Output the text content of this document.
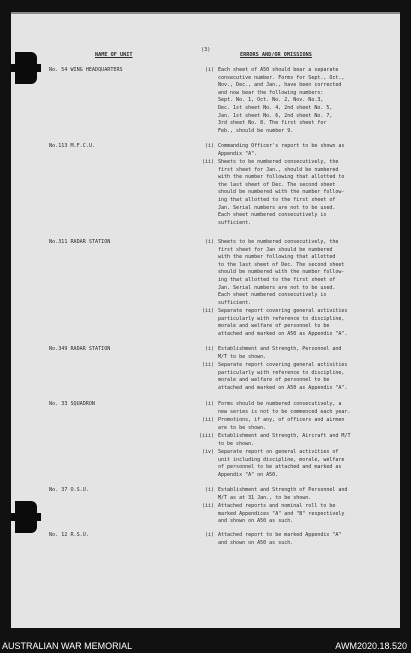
NAME OF UNIT
(3)
ERRORS AND/OR OMISSIONS
No. 54 WING HEADQUARTERS	(i) Each sheet of A50 should bear a separate
consecutive number. Forms for Sept., Oct.,
Nov., Dec., and Jan., have been corrected
and now bear the following numbers:
Sept. No. 1, Oct. No. 2, Nov. No.3,
Dec. 1st sheet No. 4, 2nd sheet No. 5,
Jan. 1st sheet No. 6, 2nd sheet No. 7,
3rd sheet No. 8. The first sheet for
Feb., should be number 9.
No.113 M.F.C.U.	(i) Commanding Officer's report to be shown as
Appendix "A".
(ii) Sheets to be numbered consecutively, the
first sheet for Jan., should be numbered
with the number following that allotted to
the last sheet of Dec. The second sheet
should be numbered with the number follow-
ing that allotted to the first sheet of
Jan. Serial numbers are not to be used.
Each sheet numbered consecutively is
sufficient.
No.311 RADAR STATION	(i) Sheets to be numbered consecutively, the
first sheet for Jan should be numbered
with the number following that allotted
to the last sheet of Dec. The second sheet
should be numbered with the number follow-
ing that allotted to the first sheet of
Jan. Serial numbers are not to be used.
Each sheet numbered consecutively is
sufficient.
(ii) Separate report covering general activities
particularly with reference to discipline,
morale and welfare of personnel to be
attached and marked on A50 as Appendix "A".
No.349 RADAR STATION	(i) Establishment and Strength, Personnel and
M/T to be shown.
(ii) Separate report covering general activities
particularly with reference to discipline,
morale and welfare of personnel to be
attached and marked on A50 as Appendix "A".
No. 33 SQUADRON	(i) Forms should be numbered consecutively, a
new series is not to be commenced each year.
(ii) Promotions, if any, of officers and airmen
are to be shown.
(iii) Establishment and Strength, Aircraft and M/T
to be shown.
(iv) Separate report on general activities of
unit including discipline, morale, welfare
of personnel to be attached and marked as
Appendix "A" on A50.
No. 37 O.S.U.	(i) Establishment and Strength of Personnel and
M/T as at 31 Jan., to be shown.
(ii) Attached reports and nominal roll to be
marked Appendices "A" and "B" respectively
and shown on A50 as such.
No. 12 R.S.U.	(i) Attached report to be marked Appendix "A"
and shown on A50 as such.
AUSTRALIAN WAR MEMORIAL	AWM2020.18.520
